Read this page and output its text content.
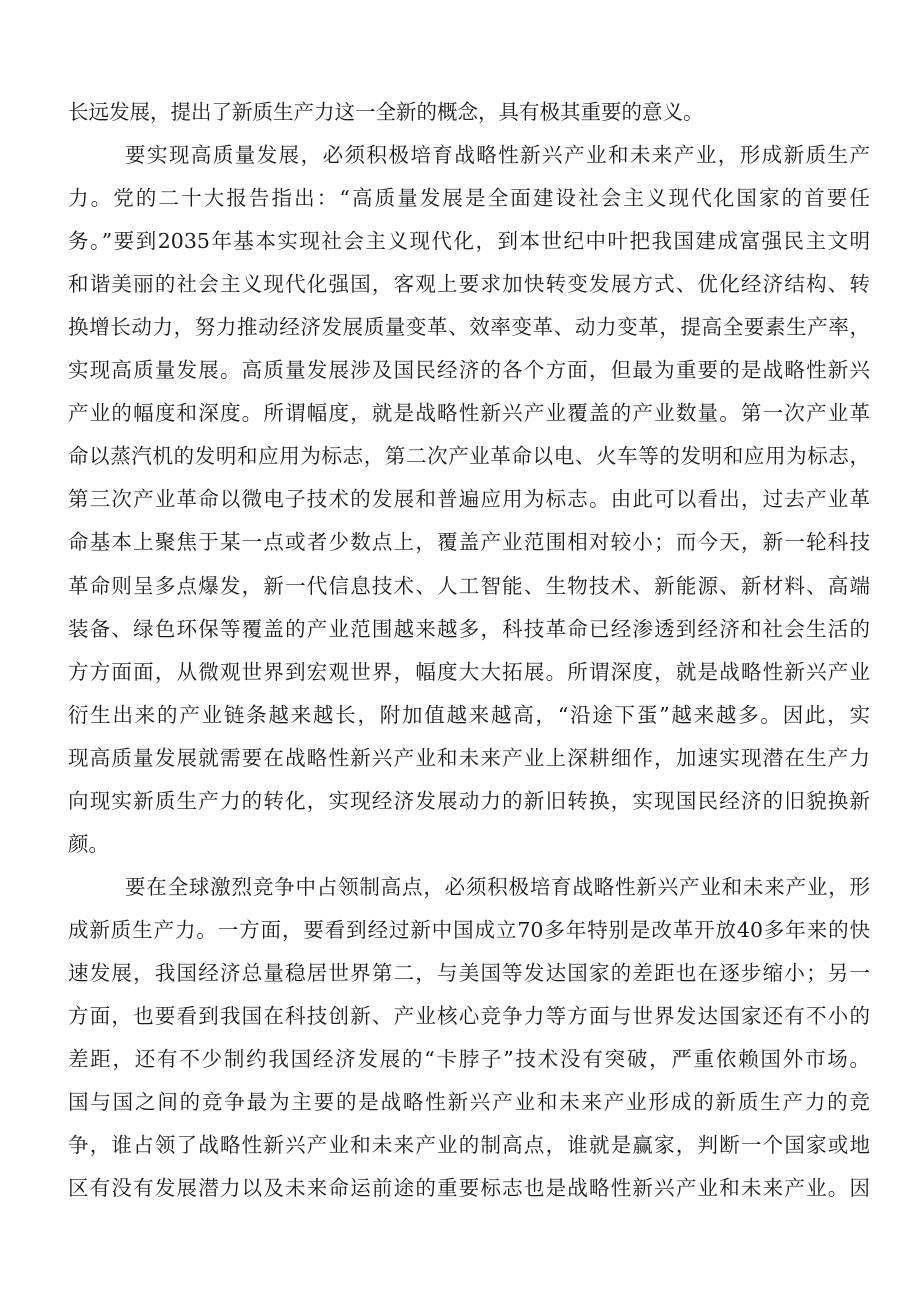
长远发展，提出了新质生产力这一全新的概念，具有极其重要的意义。
要实现高质量发展，必须积极培育战略性新兴产业和未来产业，形成新质生产
力。党的二十大报告指出：“高质量发展是全面建设社会主义现代化国家的首要任
务。”要到2035年基本实现社会主义现代化，到本世纪中叶把我国建成富强民主文明
和谐美丽的社会主义现代化强国，客观上要求加快转变发展方式、优化经济结构、转
换增长动力，努力推动经济发展质量变革、效率变革、动力变革，提高全要素生产率，
实现高质量发展。高质量发展涉及国民经济的各个方面，但最为重要的是战略性新兴
产业的幅度和深度。所谓幅度，就是战略性新兴产业覆盖的产业数量。第一次产业革
命以蒸汽机的发明和应用为标志，第二次产业革命以电、火车等的发明和应用为标志，
第三次产业革命以微电子技术的发展和普遍应用为标志。由此可以看出，过去产业革
命基本上聚焦于某一点或者少数点上，覆盖产业范围相对较小；而今天，新一轮科技
革命则呈多点爆发，新一代信息技术、人工智能、生物技术、新能源、新材料、高端
装备、绿色环保等覆盖的产业范围越来越多，科技革命已经渗透到经济和社会生活的
方方面面，从微观世界到宏观世界，幅度大大拓展。所谓深度，就是战略性新兴产业
衍生出来的产业链条越来越长，附加值越来越高，“沿途下蛋”越来越多。因此，实
现高质量发展就需要在战略性新兴产业和未来产业上深耕细作，加速实现潜在生产力
向现实新质生产力的转化，实现经济发展动力的新旧转换，实现国民经济的旧貌换新
颜。
要在全球激烈竞争中占领制高点，必须积极培育战略性新兴产业和未来产业，形
成新质生产力。一方面，要看到经过新中国成立70多年特别是改革开放40多年来的快
速发展，我国经济总量稳居世界第二，与美国等发达国家的差距也在逐步缩小；另一
方面，也要看到我国在科技创新、产业核心竞争力等方面与世界发达国家还有不小的
差距，还有不少制约我国经济发展的“卡脖子”技术没有突破，严重依赖国外市场。
国与国之间的竞争最为主要的是战略性新兴产业和未来产业形成的新质生产力的竞
争，谁占领了战略性新兴产业和未来产业的制高点，谁就是赢家，判断一个国家或地
区有没有发展潜力以及未来命运前途的重要标志也是战略性新兴产业和未来产业。因
